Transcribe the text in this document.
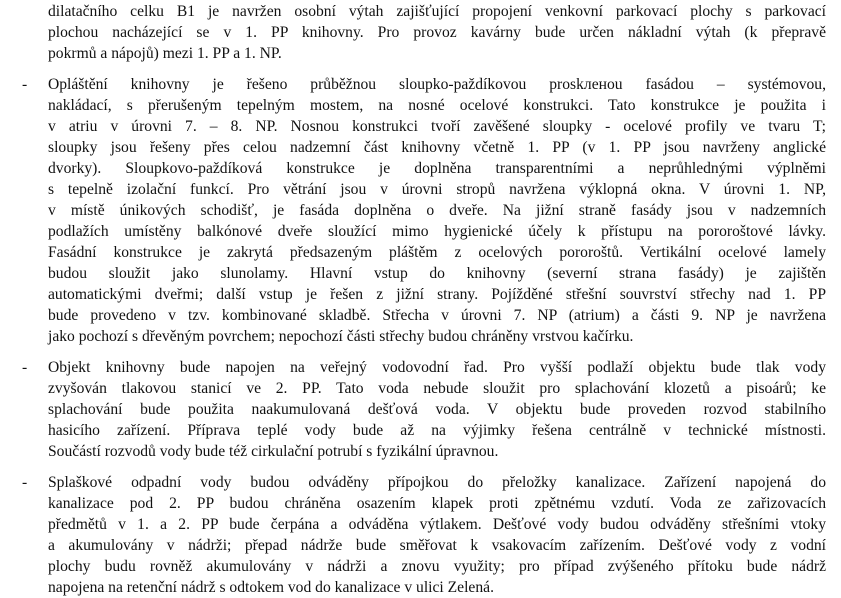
dilatačního celku B1 je navržen osobní výtah zajišťující propojení venkovní parkovací plochy s parkovací
plochou nacházející se v 1. PP knihovny. Pro provoz kavárny bude určen nákladní výtah (k přepravě
pokrmů a nápojů) mezi 1. PP a 1. NP.
- Opláštění knihovny je řešeno průběžnou sloupko-paždíkovou proskленou fasádou – systémovou,
nakládací, s přerušeným tepelným mostem, na nosné ocelové konstrukci. Tato konstrukce je použita i
v atriu v úrovni 7. – 8. NP. Nosnou konstrukci tvoří zavěšené sloupky - ocelové profily ve tvaru T;
sloupky jsou řešeny přes celou nadzemní část knihovny včetně 1. PP (v 1. PP jsou navrženy anglické
dvorky). Sloupkovo-paždíková konstrukce je doplněna transparentními a neprůhlednými výplněmi
s tepelně izolační funkcí. Pro větrání jsou v úrovni stropů navržena výklopná okna. V úrovni 1. NP,
v místě únikových schodišť, je fasáda doplněna o dveře. Na jižní straně fasády jsou v nadzemních
podlažích umístěny balkónové dveře sloužící mimo hygienické účely k přístupu na pororoštové lávky.
Fasádní konstrukce je zakrytá předsazeným pláštěm z ocelových pororoštů. Vertikální ocelové lamely
budou sloužit jako slunolamy. Hlavní vstup do knihovny (severní strana fasády) je zajištěn
automatickými dveřmi; další vstup je řešen z jižní strany. Pojížděné střešní souvrství střechy nad 1. PP
bude provedeno v tzv. kombinované skladbě. Střecha v úrovni 7. NP (atrium) a části 9. NP je navržena
jako pochozí s dřevěným povrchem; nepochozí části střechy budou chráněny vrstvou kačírku.
- Objekt knihovny bude napojen na veřejný vodovodní řad. Pro vyšší podlaží objektu bude tlak vody
zvyšován tlakovou stanicí ve 2. PP. Tato voda nebude sloužit pro splachování klozetů a pisoárů; ke
splachování bude použita naakumulovaná dešťová voda. V objektu bude proveden rozvod stabilního
hasicího zařízení. Příprava teplé vody bude až na výjimky řešena centrálně v technické místnosti.
Součástí rozvodů vody bude též cirkulační potrubí s fyzikální úpravnou.
- Splaškové odpadní vody budou odváděny přípojkou do přeložky kanalizace. Zařízení napojená do
kanalizace pod 2. PP budou chráněna osazením klapek proti zpětnému vzdutí. Voda ze zařizovacích
předmětů v 1. a 2. PP bude čerpána a odváděna výtlakem. Dešťové vody budou odváděny střešními vtoky
a akumulovány v nádrži; přepad nádrže bude směřovat k vsakovacím zařízením. Dešťové vody z vodní
plochy budu rovněž akumulovány v nádrži a znovu využity; pro případ zvýšeného přítoku bude nádrž
napojena na retenční nádrž s odtokem vod do kanalizace v ulici Zelená.
